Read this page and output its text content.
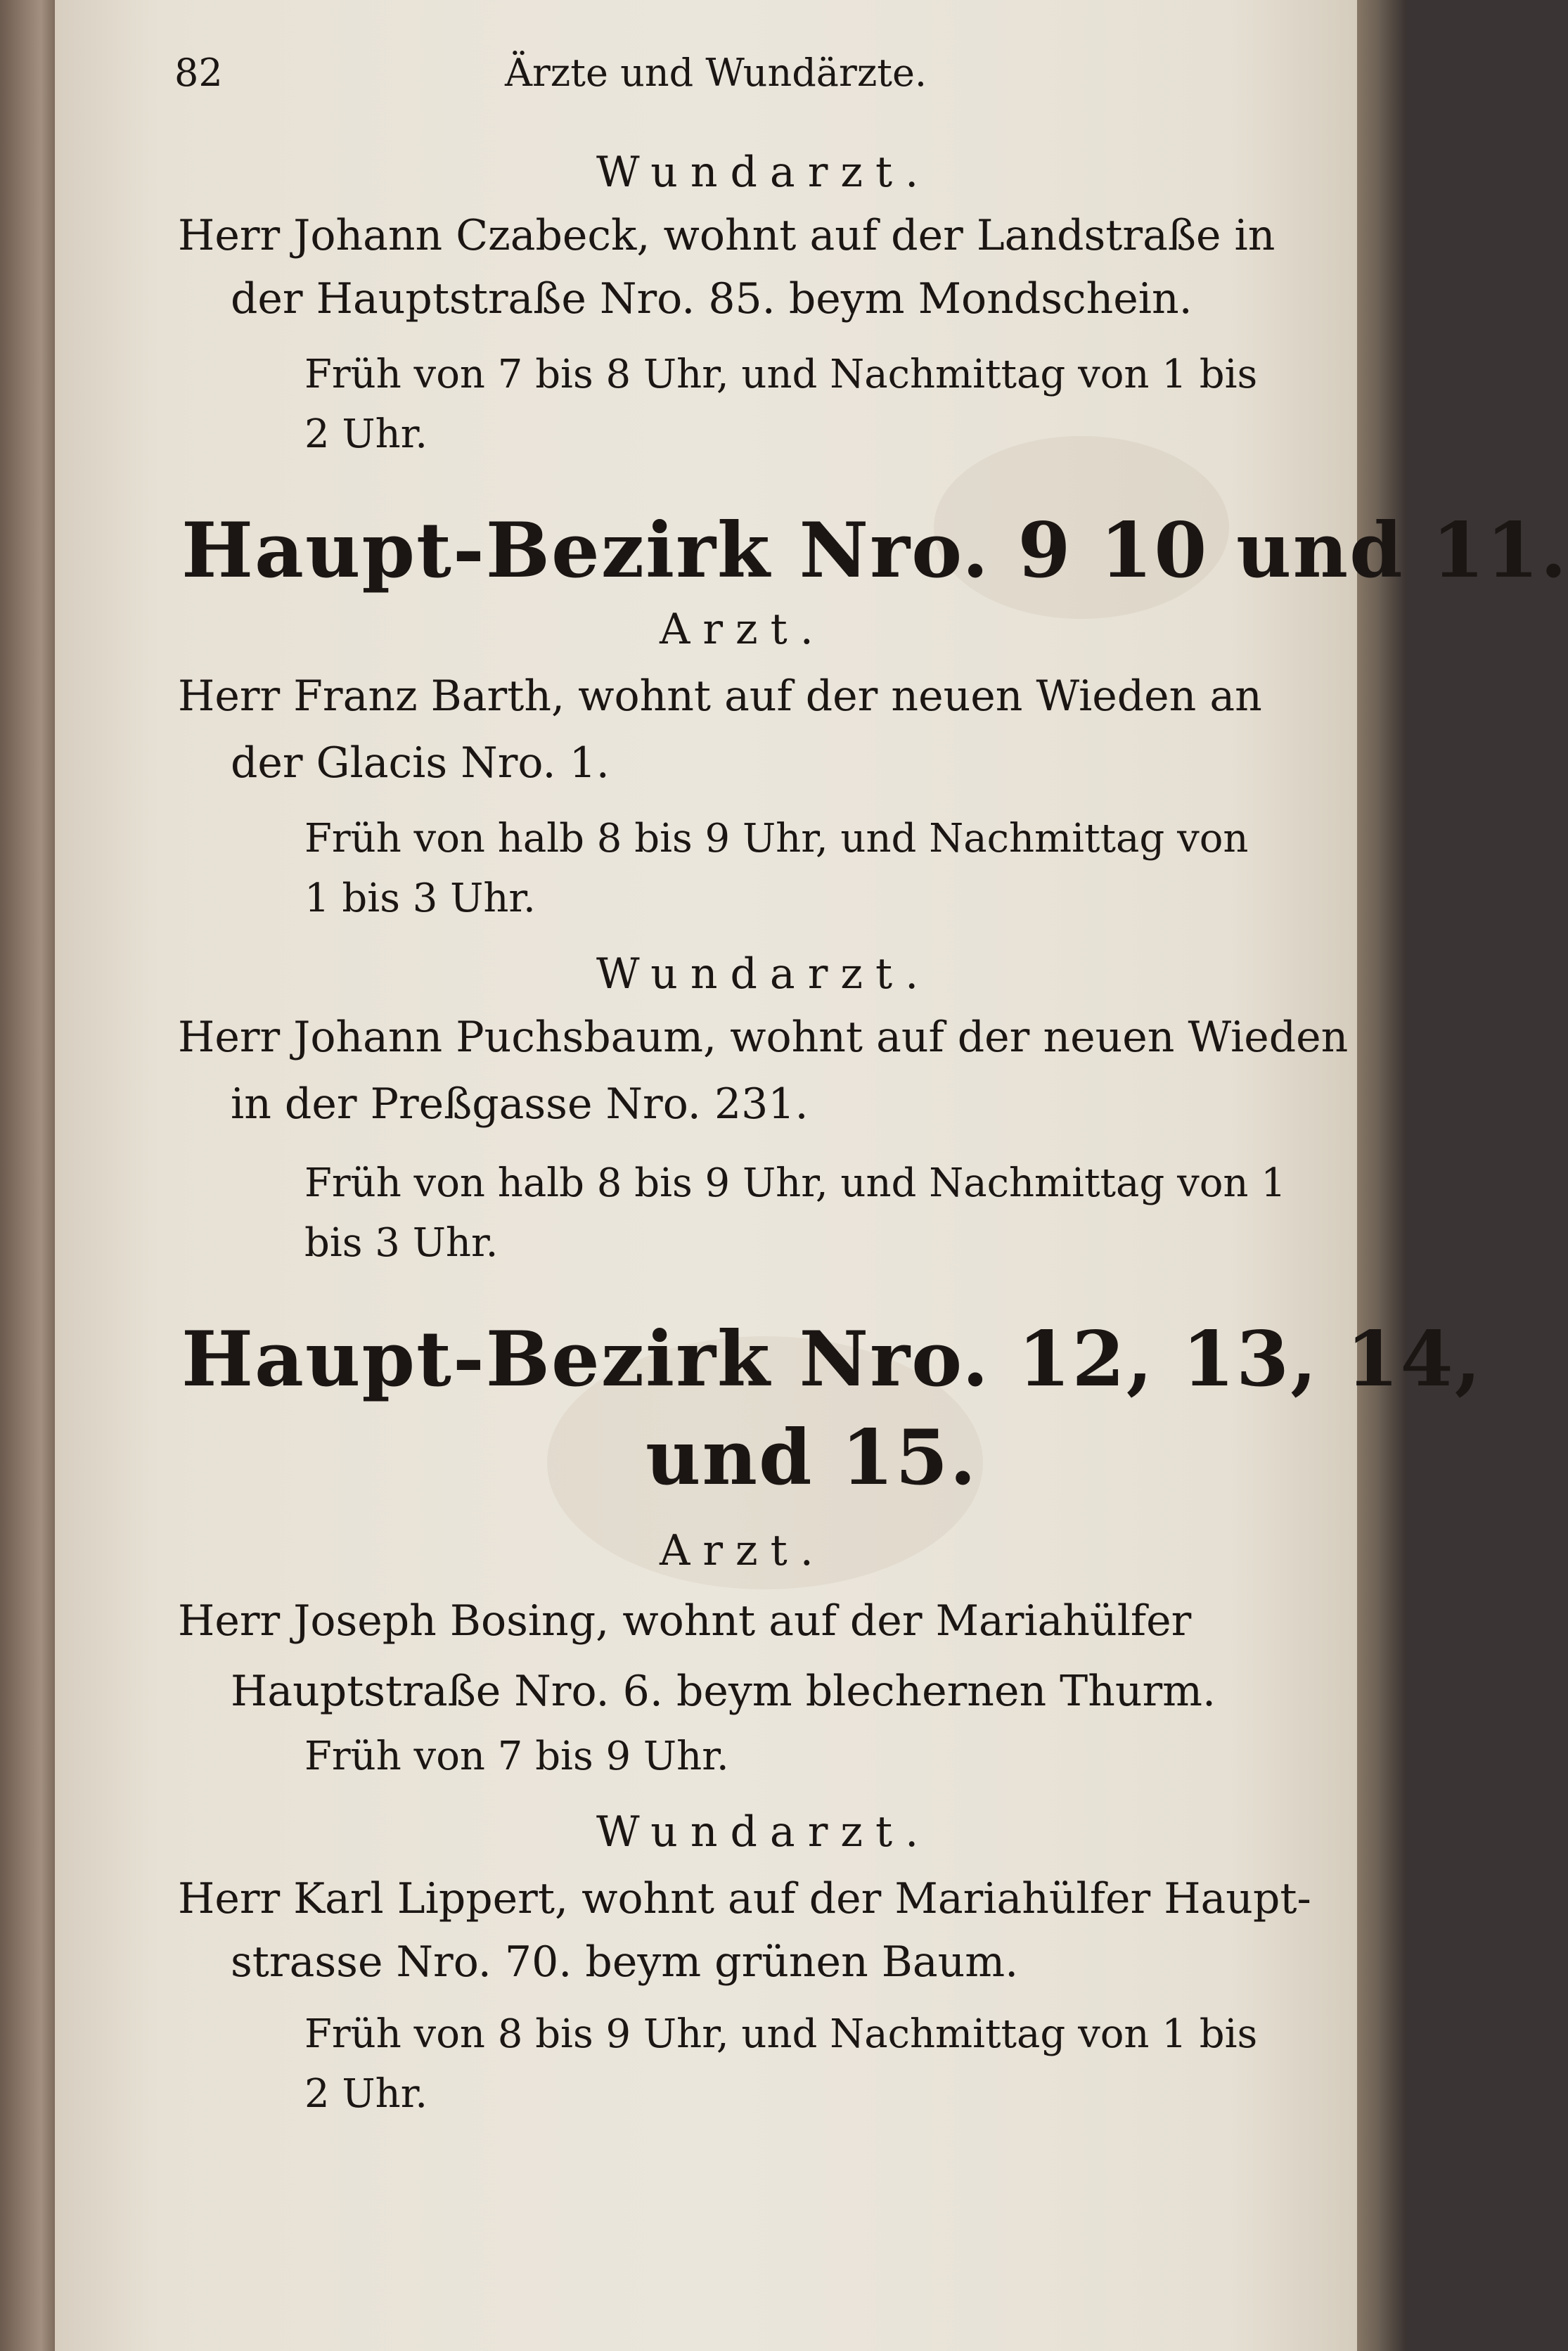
82	Ärzte und Wundärzte.
Wundarzt.
Herr Johann Czabeck, wohnt auf der Landstraße in
der Hauptstraße Nro. 85. beym Mondschein.
Früh von 7 bis 8 Uhr, und Nachmittag von 1 bis
2 Uhr.
Haupt-Bezirk Nro. 9 10 und 11.
Arzt.
Herr Franz Barth, wohnt auf der neuen Wieden an
der Glacis Nro. 1.
Früh von halb 8 bis 9 Uhr, und Nachmittag von
1 bis 3 Uhr.
Wundarzt.
Herr Johann Puchsbaum, wohnt auf der neuen Wieden
in der Preßgasse Nro. 231.
Früh von halb 8 bis 9 Uhr, und Nachmittag von 1
bis 3 Uhr.
Haupt-Bezirk Nro. 12, 13, 14,
und 15.
Arzt.
Herr Joseph Bosing, wohnt auf der Mariahülfer
Hauptstraße Nro. 6. beym blechernen Thurm.
Früh von 7 bis 9 Uhr.
Wundarzt.
Herr Karl Lippert, wohnt auf der Mariahülfer Haupt-
strasse Nro. 70. beym grünen Baum.
Früh von 8 bis 9 Uhr, und Nachmittag von 1 bis
2 Uhr.
